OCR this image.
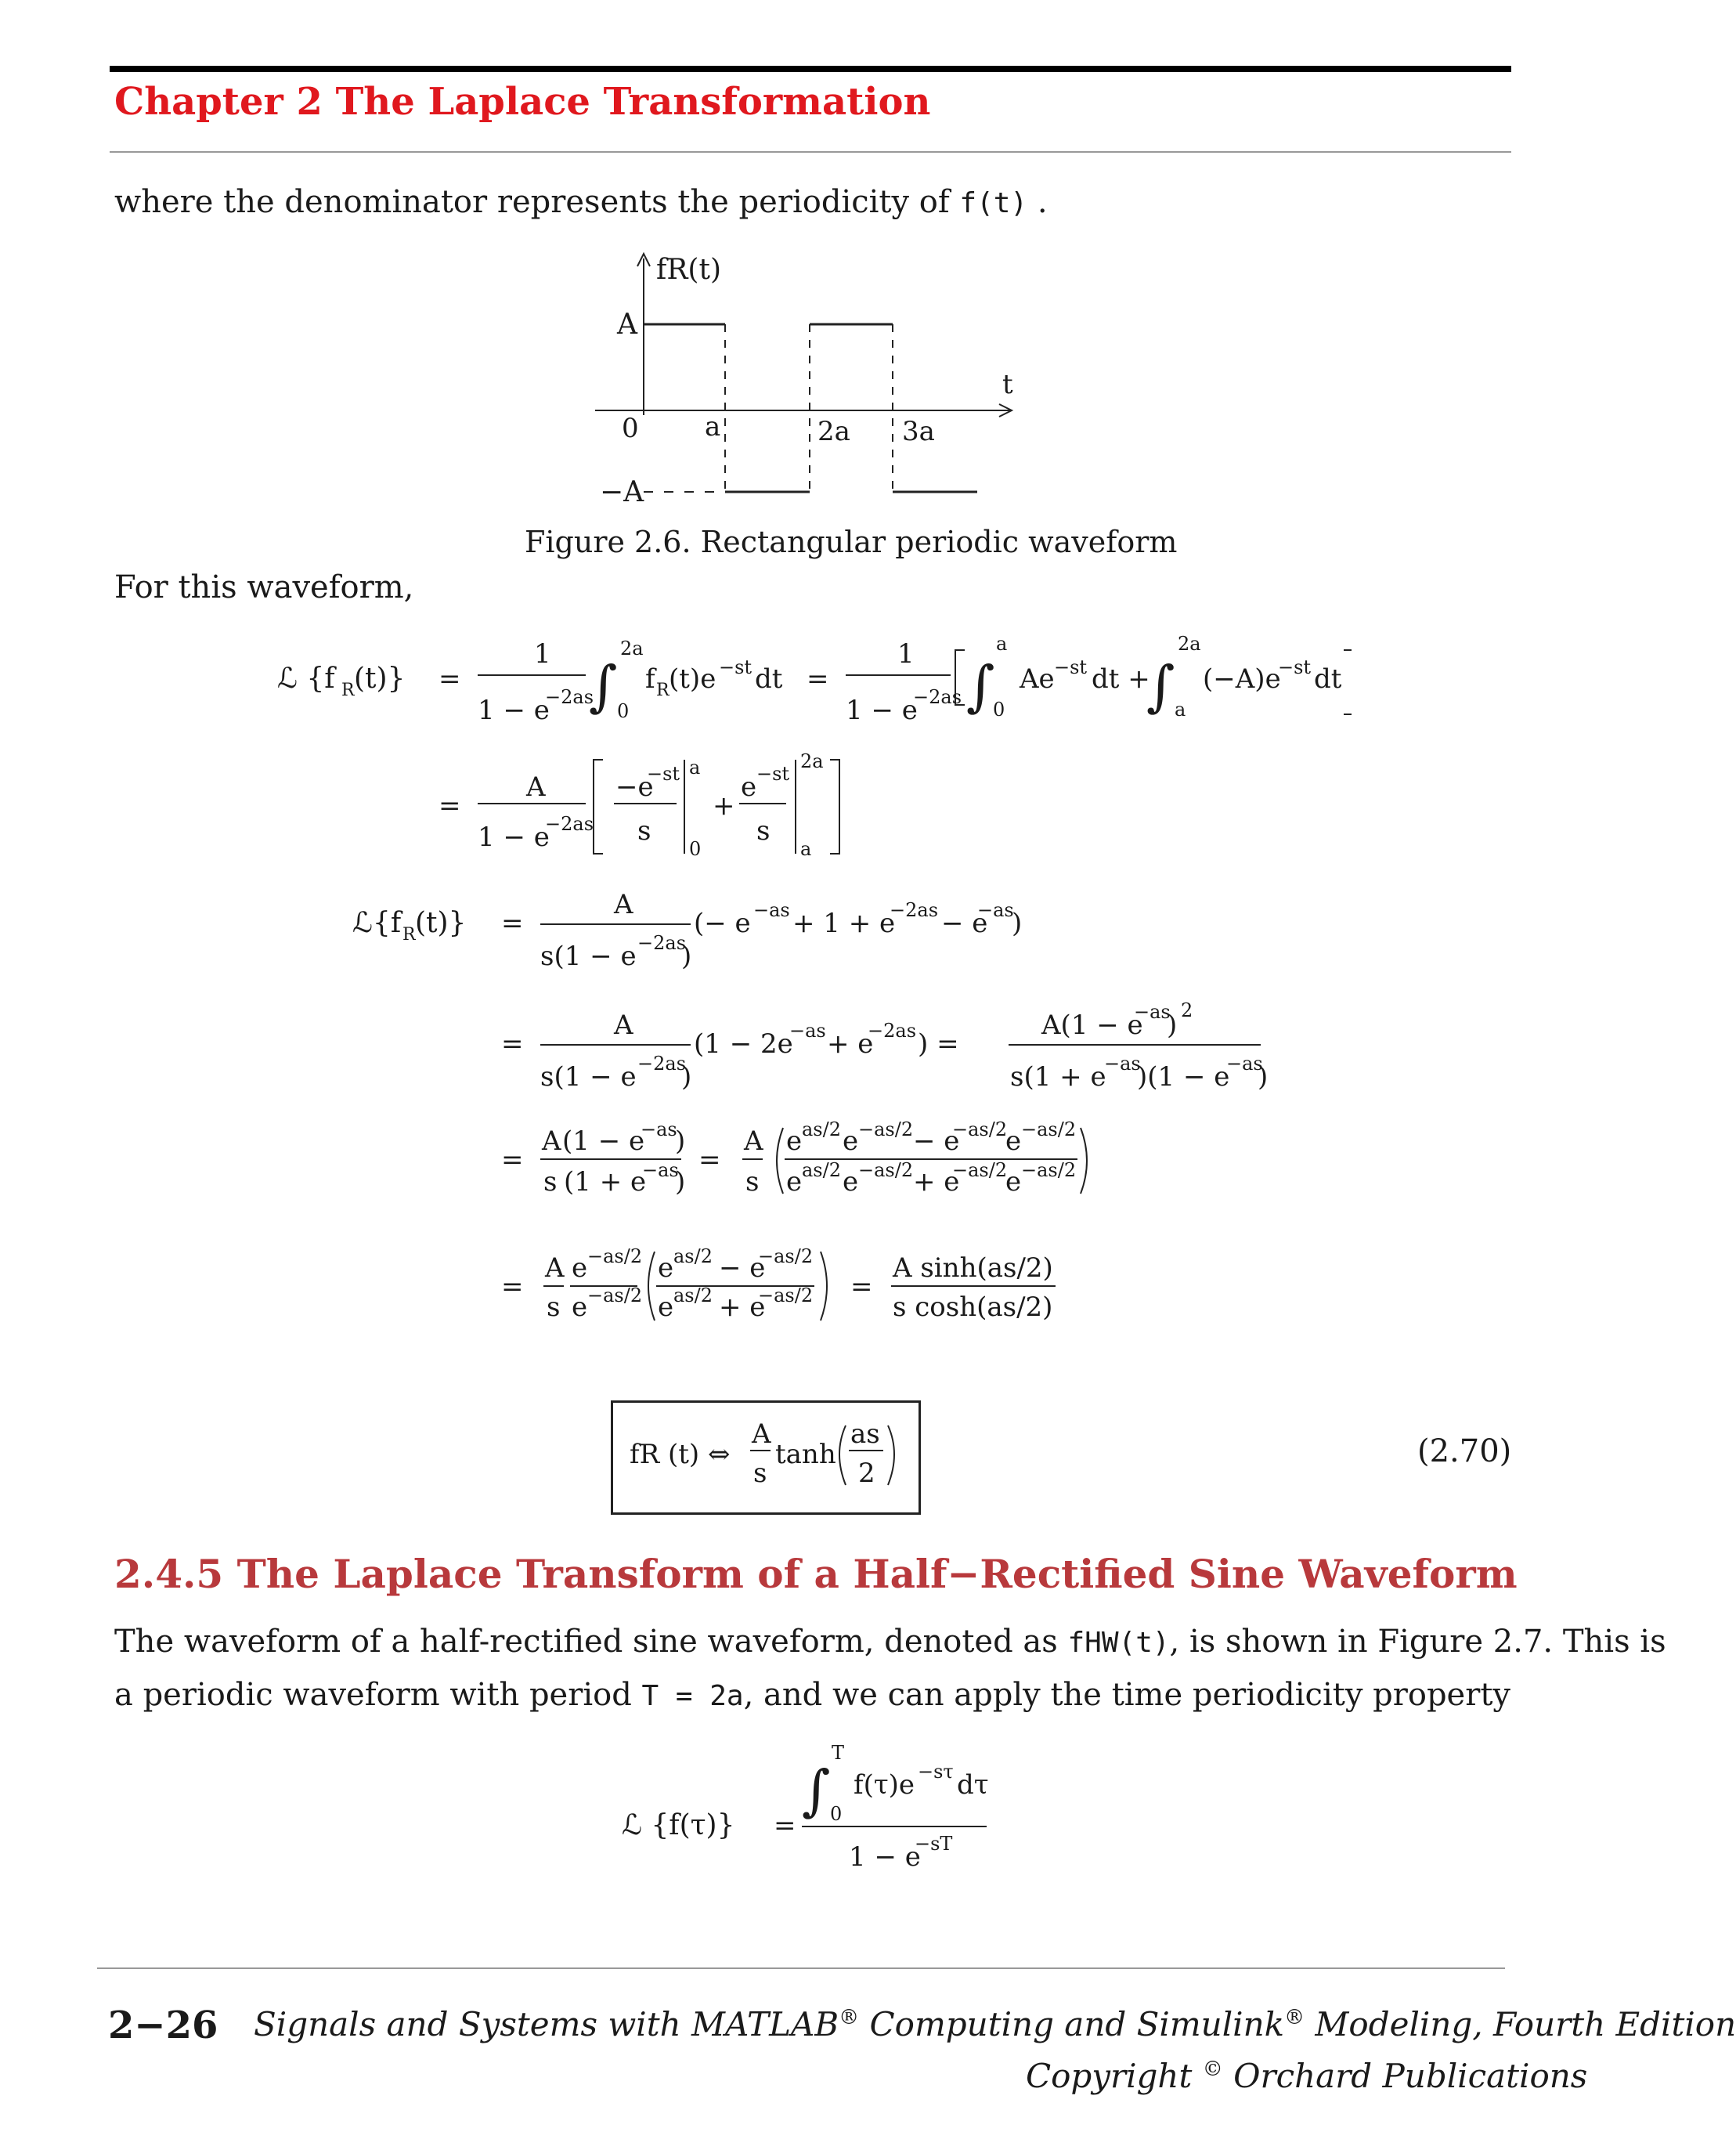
Chapter 2 The Laplace Transformation
where the denominator represents the periodicity of f(t) .
fR(t)
A
0
−A
a	2a 3a
t
Figure 2.6. Rectangular periodic waveform
For this waveform,
ℒ {f R (t)} =
1
1 − e
−2as
∫
2a
0
f R (t)e −st dt =
1
1 − e
−2as ∫
a
0
Ae −st dt +
∫
2a
a
(−A)e
−st dt
=
A
1 − e
−2as
−e
−st
s
a
0
+
e −st
s
2a
a
ℒ{f R (t)} =
A
s(1 − e −2as
)
(− e −as + 1 + e
−2as − e
−as
)
=
A
s(1 − e −2as
)
(1 − 2e
−as + e
−2as ) =
A(1 − e
−as
) 2
s(1 + e
−as
)(1 − e
−as
)
=
A (1 − e
−as
)
s (1 + e
−as
)
=
A
s
e as/2 e −as/2 − e
−as/2
e −as/2
e as/2 e −as/2 + e
−as/2
e −as/2
=
A
s
e −as/2
e −as/2
e as/2 − e
−as/2
e as/2 + e
−as/2 =
A sinh(as/2)
s cosh(as/2)
fR (t) ⇔
A
s
tanh
as
2
(2.70)
2.4.5 The Laplace Transform of a Half−Rectified Sine Waveform
The waveform of a half-rectified sine waveform, denoted as fHW(t), is shown in Figure 2.7. This is
a periodic waveform with period T = 2a, and we can apply the time periodicity property
ℒ {f(τ)} =
∫
T
0
f(τ)e −sτ dτ
1 − e
−sT
2−26 Signals and Systems with MATLAB® Computing and Simulink® Modeling, Fourth Edition
Copyright © Orchard Publications
